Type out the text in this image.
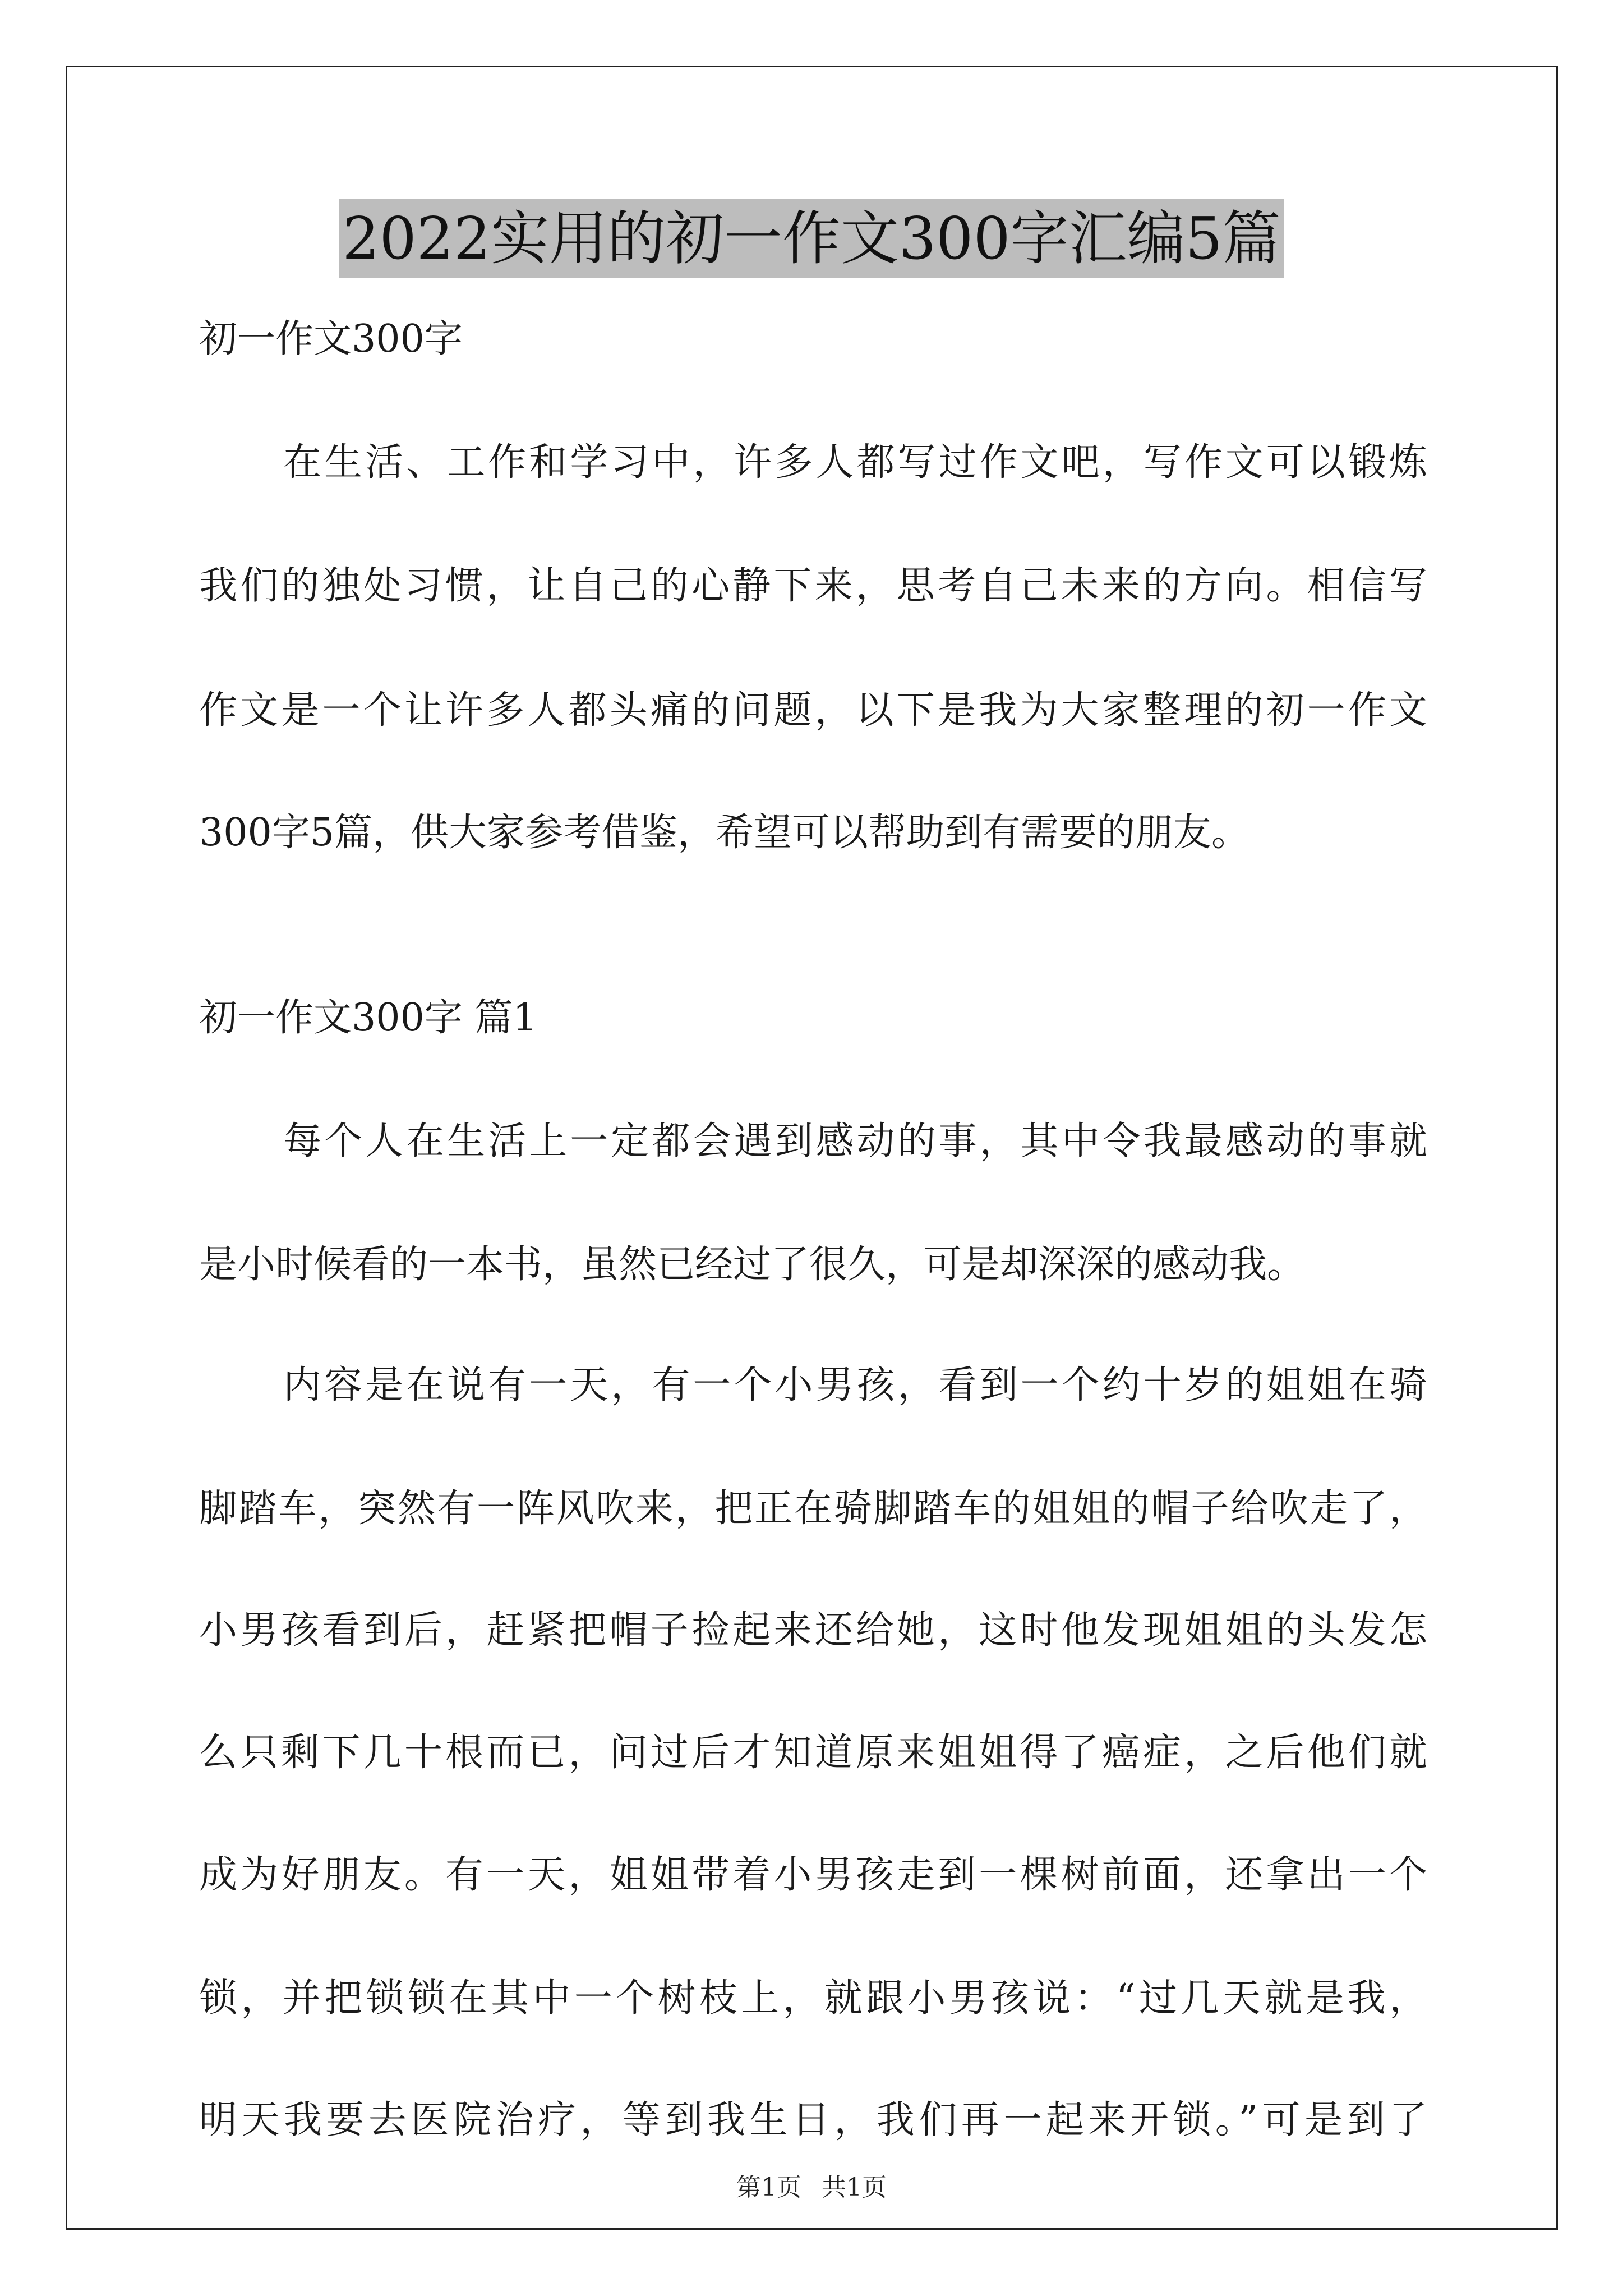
2022实用的初一作文300字汇编5篇
初一作文300字
在生活、工作和学习中，许多人都写过作文吧，写作文可以锻炼
我们的独处习惯，让自己的心静下来，思考自己未来的方向。相信写
作文是一个让许多人都头痛的问题，以下是我为大家整理的初一作文
300字5篇，供大家参考借鉴，希望可以帮助到有需要的朋友。
初一作文300字 篇1
每个人在生活上一定都会遇到感动的事，其中令我最感动的事就
是小时候看的一本书，虽然已经过了很久，可是却深深的感动我。
内容是在说有一天，有一个小男孩，看到一个约十岁的姐姐在骑
脚踏车，突然有一阵风吹来，把正在骑脚踏车的姐姐的帽子给吹走了，
小男孩看到后，赶紧把帽子捡起来还给她，这时他发现姐姐的头发怎
么只剩下几十根而已，问过后才知道原来姐姐得了癌症，之后他们就
成为好朋友。有一天，姐姐带着小男孩走到一棵树前面，还拿出一个
锁，并把锁锁在其中一个树枝上，就跟小男孩说：“过几天就是我，
明天我要去医院治疗，等到我生日，我们再一起来开锁。”可是到了
第1页 共1页
